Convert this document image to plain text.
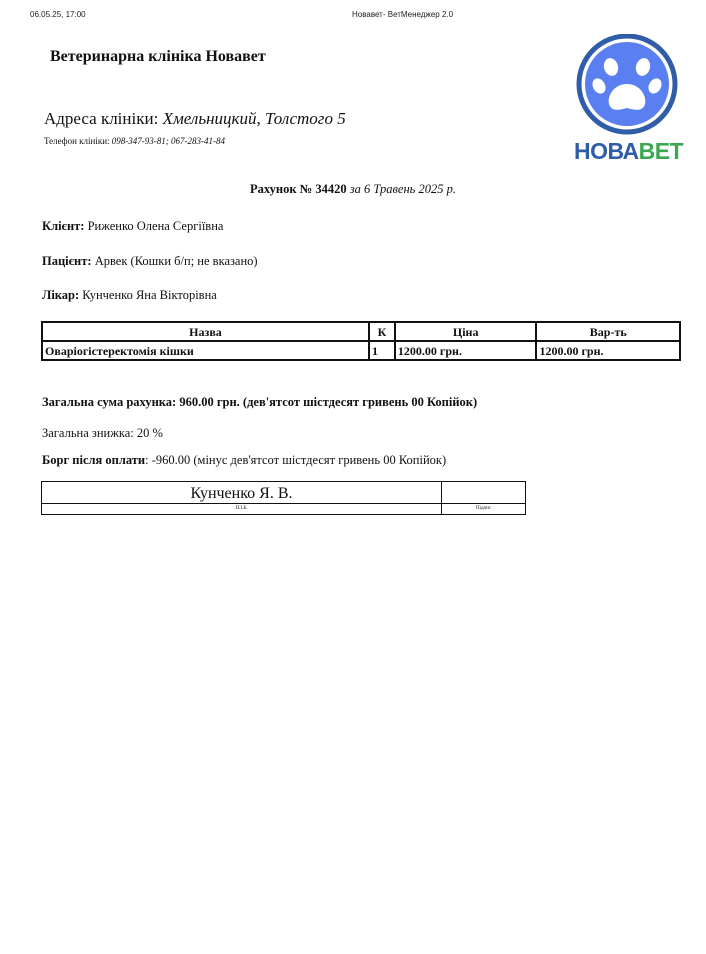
06.05.25, 17:00	Новавет- ВетМенеджер 2.0
Ветеринарна клініка Новавет
Адреса клініки: Хмельницкий, Толстого 5
Телефон клініки: 098-347-93-81; 067-283-41-84	НОВАВЕТ
Рахунок № 34420 за 6 Травень 2025 р.
Клієнт: Риженко Олена Сергіївна
Пацієнт: Арвек (Кошки б/п; не вказано)
Лікар: Кунченко Яна Вікторівна
Назва	К	Ціна	Вар-ть
Оваріогістеректомія кішки	1	1200.00 грн.	1200.00 грн.
Загальна сума рахунка: 960.00 грн. (дев'ятсот шістдесят гривень 00 Копійок)
Загальна знижка: 20 %
Борг після оплати: -960.00 (мінус дев'ятсот шістдесят гривень 00 Копійок)
Кунченко Я. В.
П.І.Б.	Підпис
